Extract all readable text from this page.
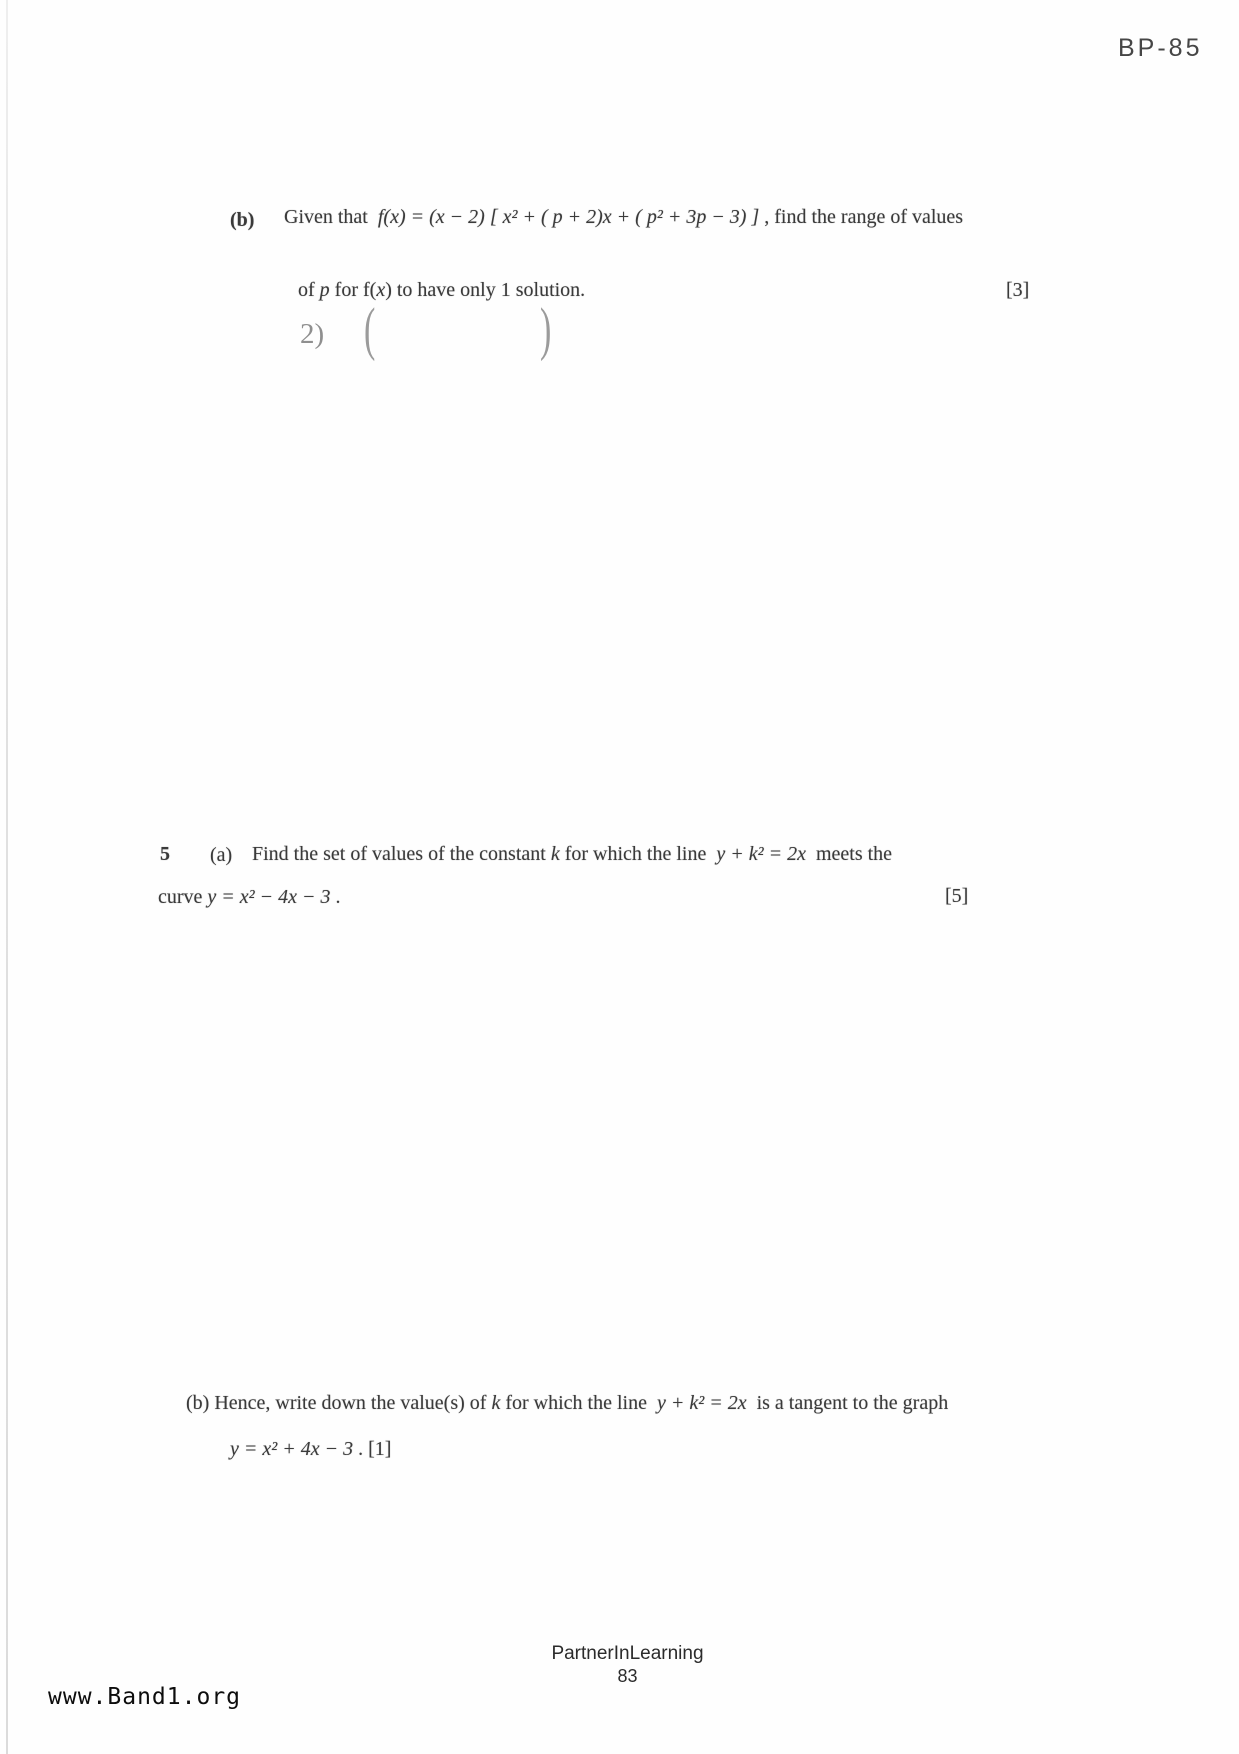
BP-85
(b) Given that  f(x) = (x − 2) [ x² + ( p + 2)x + ( p² + 3p − 3) ] , find the range of values
of p for f(x) to have only 1 solution.	[3]
2) (	)
5 (a) Find the set of values of the constant k for which the line  y + k² = 2x  meets the
curve y = x² − 4x − 3 .	[5]
(b) Hence, write down the value(s) of k for which the line  y + k² = 2x  is a tangent to the graph
y = x² + 4x − 3 . [1]
PartnerInLearning
83
www.Band1.org
